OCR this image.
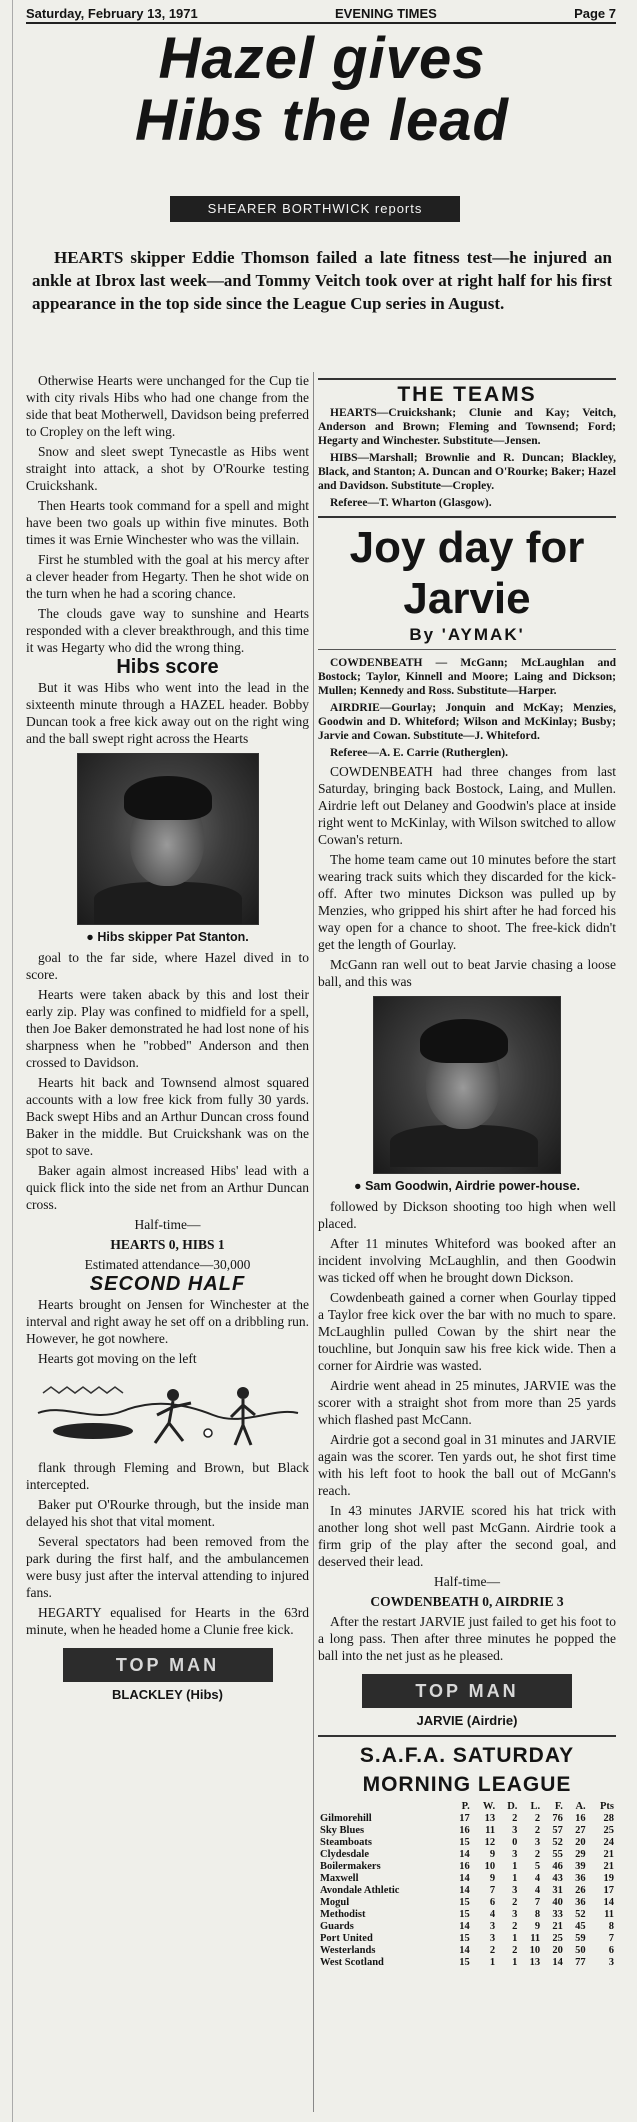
Saturday, February 13, 1971	EVENING TIMES	Page 7
Hazel gives
Hibs the lead
SHEARER BORTHWICK reports
HEARTS skipper Eddie Thomson failed a late fitness test—he injured an ankle at Ibrox last week—and Tommy Veitch took over at right half for his first appearance in the top side since the League Cup series in August.

Otherwise Hearts were unchanged for the Cup tie with city rivals Hibs who had one change from the side that beat Motherwell, Davidson being preferred to Cropley on the left wing.

Snow and sleet swept Tynecastle as Hibs went straight into attack, a shot by O'Rourke testing Cruickshank.

Then Hearts took command for a spell and might have been two goals up within five minutes. Both times it was Ernie Winchester who was the villain.

First he stumbled with the goal at his mercy after a clever header from Hegarty. Then he shot wide on the turn when he had a scoring chance.

The clouds gave way to sunshine and Hearts responded with a clever breakthrough, and this time it was Hegarty who did the wrong thing.

Hibs score

But it was Hibs who went into the lead in the sixteenth minute through a HAZEL header. Bobby Duncan took a free kick away out on the right wing and the ball swept right across the Hearts

● Hibs skipper Pat Stanton.

goal to the far side, where Hazel dived in to score.

Hearts were taken aback by this and lost their early zip. Play was confined to midfield for a spell, then Joe Baker demonstrated he had lost none of his sharpness when he "robbed" Anderson and then crossed to Davidson.

Hearts hit back and Townsend almost squared accounts with a low free kick from fully 30 yards. Back swept Hibs and an Arthur Duncan cross found Baker in the middle. But Cruickshank was on the spot to save.

Baker again almost increased Hibs' lead with a quick flick into the side net from an Arthur Duncan cross.

Half-time—

HEARTS 0, HIBS 1

Estimated attendance—30,000

SECOND HALF

Hearts brought on Jensen for Winchester at the interval and right away he set off on a dribbling run. However, he got nowhere.

Hearts got moving on the left

flank through Fleming and Brown, but Black intercepted.

Baker put O'Rourke through, but the inside man delayed his shot that vital moment.

Several spectators had been removed from the park during the first half, and the ambulancemen were busy just after the interval attending to injured fans.

HEGARTY equalised for Hearts in the 63rd minute, when he headed home a Clunie free kick.

TOP MAN

BLACKLEY (Hibs)

THE TEAMS

HEARTS—Cruickshank; Clunie and Kay; Veitch, Anderson and Brown; Fleming and Townsend; Ford; Hegarty and Winchester. Substitute—Jensen.

HIBS—Marshall; Brownlie and R. Duncan; Blackley, Black, and Stanton; A. Duncan and O'Rourke; Baker; Hazel and Davidson. Substitute—Cropley.

Referee—T. Wharton (Glasgow).

Joy day for

Jarvie

By 'AYMAK'

COWDENBEATH — McGann; McLaughlan and Bostock; Taylor, Kinnell and Moore; Laing and Dickson; Mullen; Kennedy and Ross. Substitute—Harper.

AIRDRIE—Gourlay; Jonquin and McKay; Menzies, Goodwin and D. Whiteford; Wilson and McKinlay; Busby; Jarvie and Cowan. Substitute—J. Whiteford.

Referee—A. E. Carrie (Rutherglen).

COWDENBEATH had three changes from last Saturday, bringing back Bostock, Laing, and Mullen. Airdrie left out Delaney and Goodwin's place at inside right went to McKinlay, with Wilson switched to allow Cowan's return.

The home team came out 10 minutes before the start wearing track suits which they discarded for the kick-off. After two minutes Dickson was pulled up by Menzies, who gripped his shirt after he had forced his way open for a chance to shoot. The free-kick didn't get the length of Gourlay.

McGann ran well out to beat Jarvie chasing a loose ball, and this was

● Sam Goodwin, Airdrie power-house.

followed by Dickson shooting too high when well placed.

After 11 minutes Whiteford was booked after an incident involving McLaughlin, and then Goodwin was ticked off when he brought down Dickson.

Cowdenbeath gained a corner when Gourlay tipped a Taylor free kick over the bar with no much to spare. McLaughlin pulled Cowan by the shirt near the touchline, but Jonquin saw his free kick wide. Then a corner for Airdrie was wasted.

Airdrie went ahead in 25 minutes, JARVIE was the scorer with a straight shot from more than 25 yards which flashed past McCann.

Airdrie got a second goal in 31 minutes and JARVIE again was the scorer. Ten yards out, he shot first time with his left foot to hook the ball out of McGann's reach.

In 43 minutes JARVIE scored his hat trick with another long shot well past McGann. Airdrie took a firm grip of the play after the second goal, and deserved their lead.

Half-time—

COWDENBEATH 0, AIRDRIE 3

After the restart JARVIE just failed to get his foot to a long pass. Then after three minutes he popped the ball into the net just as he pleased.

TOP MAN

JARVIE (Airdrie)

S.A.F.A. SATURDAY

MORNING LEAGUE

	P.	W.	D.	L.	F.	A.	Pts
Gilmorehill	17	13	2	2	76	16	28
Sky Blues	16	11	3	2	57	27	25
Steamboats	15	12	0	3	52	20	24
Clydesdale	14	9	3	2	55	29	21
Boilermakers	16	10	1	5	46	39	21
Maxwell	14	9	1	4	43	36	19
Avondale Athletic	14	7	3	4	31	26	17
Mogul	15	6	2	7	40	36	14
Methodist	15	4	3	8	33	52	11
Guards	14	3	2	9	21	45	8
Port United	15	3	1	11	25	59	7
Westerlands	14	2	2	10	20	50	6
West Scotland	15	1	1	13	14	77	3
